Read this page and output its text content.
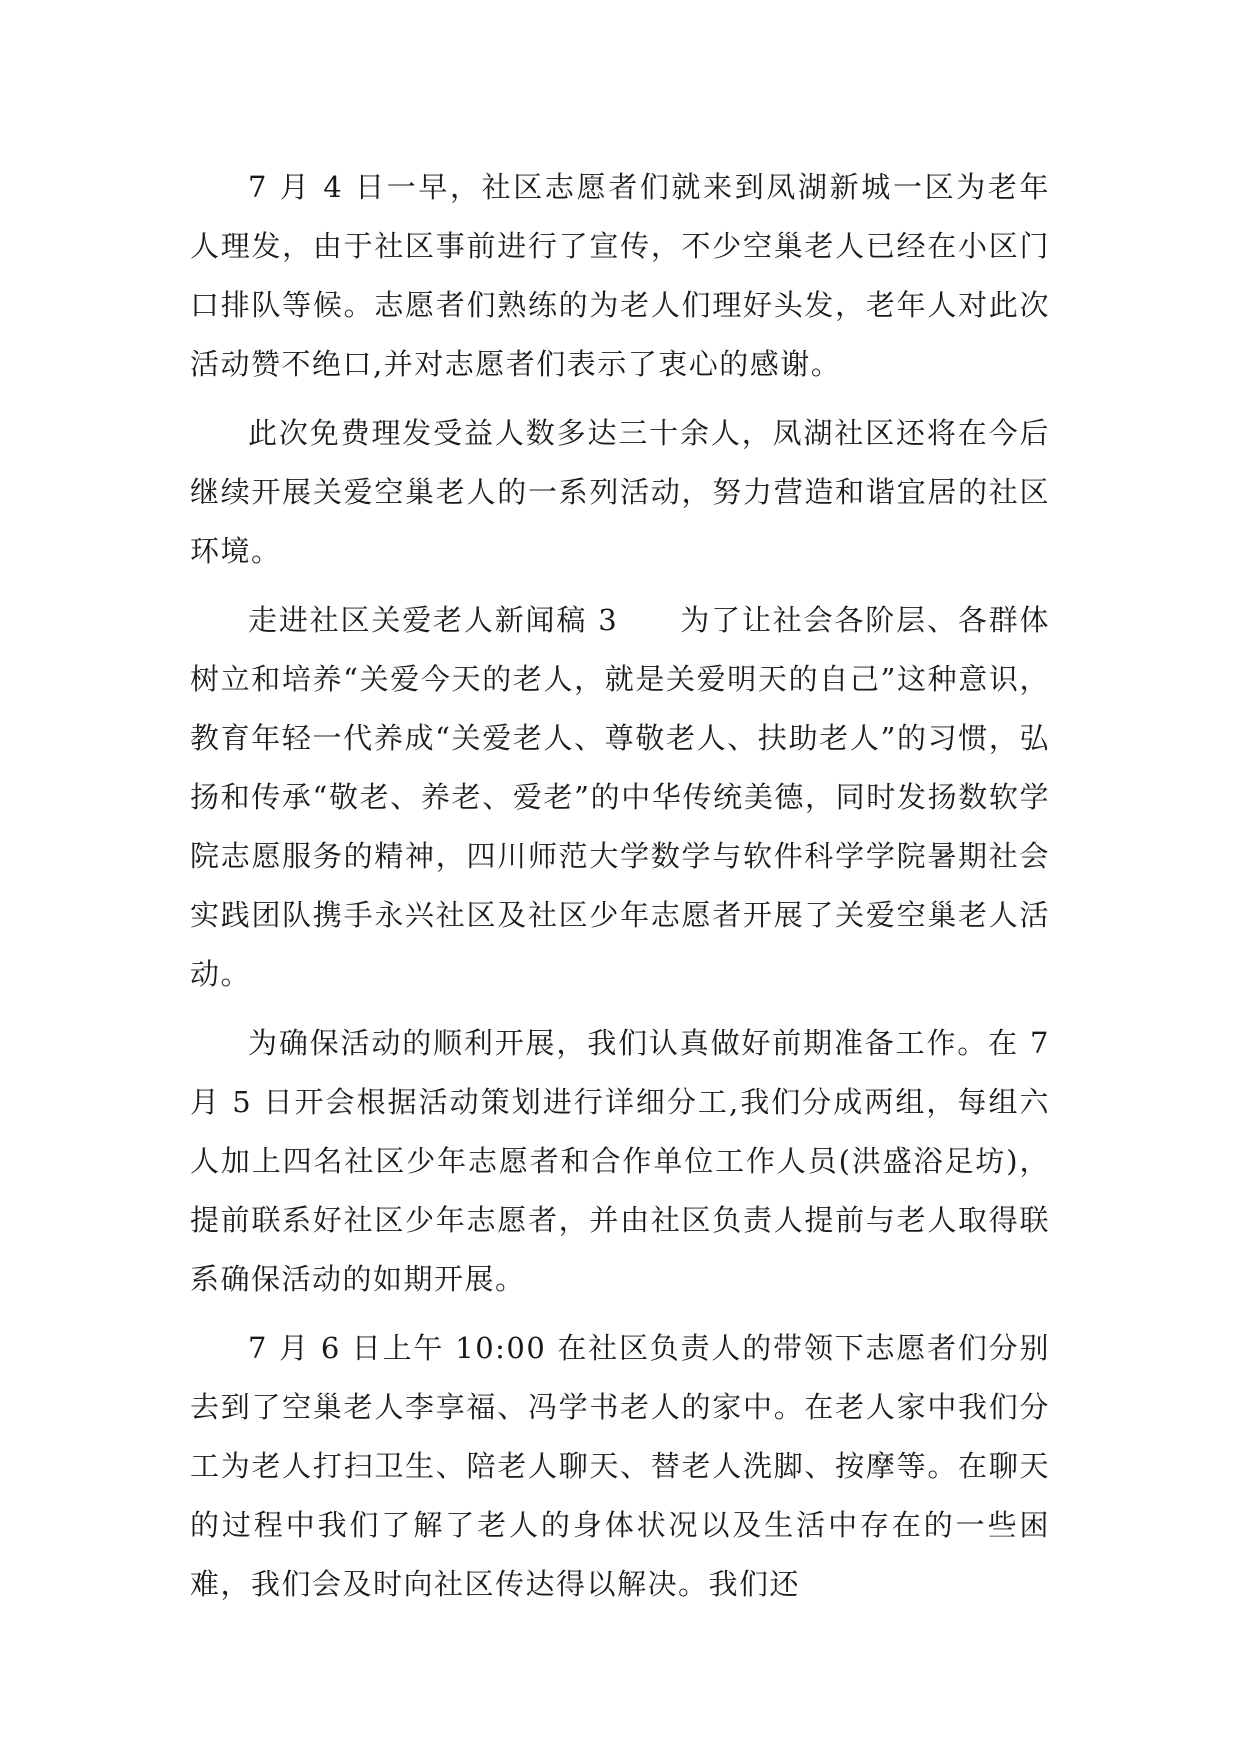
7 月 4 日一早，社区志愿者们就来到凤湖新城一区为老年人理发，由于社区事前进行了宣传，不少空巢老人已经在小区门口排队等候。志愿者们熟练的为老人们理好头发，老年人对此次活动赞不绝口,并对志愿者们表示了衷心的感谢。

此次免费理发受益人数多达三十余人，凤湖社区还将在今后继续开展关爱空巢老人的一系列活动，努力营造和谐宜居的社区环境。

走进社区关爱老人新闻稿 3　　为了让社会各阶层、各群体树立和培养“关爱今天的老人，就是关爱明天的自己”这种意识，教育年轻一代养成“关爱老人、尊敬老人、扶助老人”的习惯，弘扬和传承“敬老、养老、爱老”的中华传统美德，同时发扬数软学院志愿服务的精神，四川师范大学数学与软件科学学院暑期社会实践团队携手永兴社区及社区少年志愿者开展了关爱空巢老人活动。

为确保活动的顺利开展，我们认真做好前期准备工作。在 7 月 5 日开会根据活动策划进行详细分工,我们分成两组，每组六人加上四名社区少年志愿者和合作单位工作人员(洪盛浴足坊)，提前联系好社区少年志愿者，并由社区负责人提前与老人取得联系确保活动的如期开展。

7 月 6 日上午 10:00 在社区负责人的带领下志愿者们分别去到了空巢老人李享福、冯学书老人的家中。在老人家中我们分工为老人打扫卫生、陪老人聊天、替老人洗脚、按摩等。在聊天的过程中我们了解了老人的身体状况以及生活中存在的一些困难，我们会及时向社区传达得以解决。我们还
